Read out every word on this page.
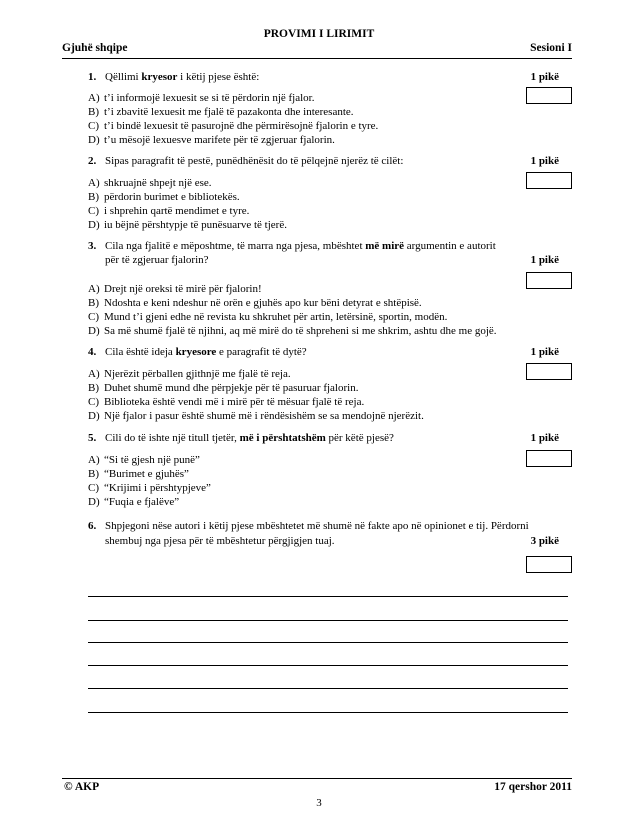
PROVIMI I LIRIMIT
Gjuhë shqipe	Sesioni I
1. Qëllimi kryesor i këtij pjese është:	1 pikë
A) t’i informojë lexuesit se si të përdorin një fjalor.
B) t’i zbavitë lexuesit me fjalë të pazakonta dhe interesante.
C) t’i bindë lexuesit të pasurojnë dhe përmirësojnë fjalorin e tyre.
D) t’u mësojë lexuesve marifete për të zgjeruar fjalorin.
2. Sipas paragrafit të pestë, punëdhënësit do të pëlqejnë njerëz të cilët:	1 pikë
A) shkruajnë shpejt një ese.
B) përdorin burimet e bibliotekës.
C) i shprehin qartë mendimet e tyre.
D) iu bëjnë përshtypje të punësuarve të tjerë.
3. Cila nga fjalitë e mëposhtme, të marra nga pjesa, mbështet më mirë argumentin e autorit
për të zgjeruar fjalorin?	1 pikë
A) Drejt një oreksi të mirë për fjalorin!
B) Ndoshta e keni ndeshur në orën e gjuhës apo kur bëni detyrat e shtëpisë.
C) Mund t’i gjeni edhe në revista ku shkruhet për artin, letërsinë, sportin, modën.
D) Sa më shumë fjalë të njihni, aq më mirë do të shpreheni si me shkrim, ashtu dhe me gojë.
4. Cila është ideja kryesore e paragrafit të dytë?	1 pikë
A) Njerëzit përballen gjithnjë me fjalë të reja.
B) Duhet shumë mund dhe përpjekje për të pasuruar fjalorin.
C) Biblioteka është vendi më i mirë për të mësuar fjalë të reja.
D) Një fjalor i pasur është shumë më i rëndësishëm se sa mendojnë njerëzit.
5. Cili do të ishte një titull tjetër, më i përshtatshëm për këtë pjesë?	1 pikë
A) “Si të gjesh një punë”
B) “Burimet e gjuhës”
C) “Krijimi i përshtypjeve”
D) “Fuqia e fjalëve”
6. Shpjegoni nëse autori i këtij pjese mbështetet më shumë në fakte apo në opinionet e tij. Përdorni
shembuj nga pjesa për të mbështetur përgjigjen tuaj.	3 pikë
© AKP	17 qershor 2011
3
